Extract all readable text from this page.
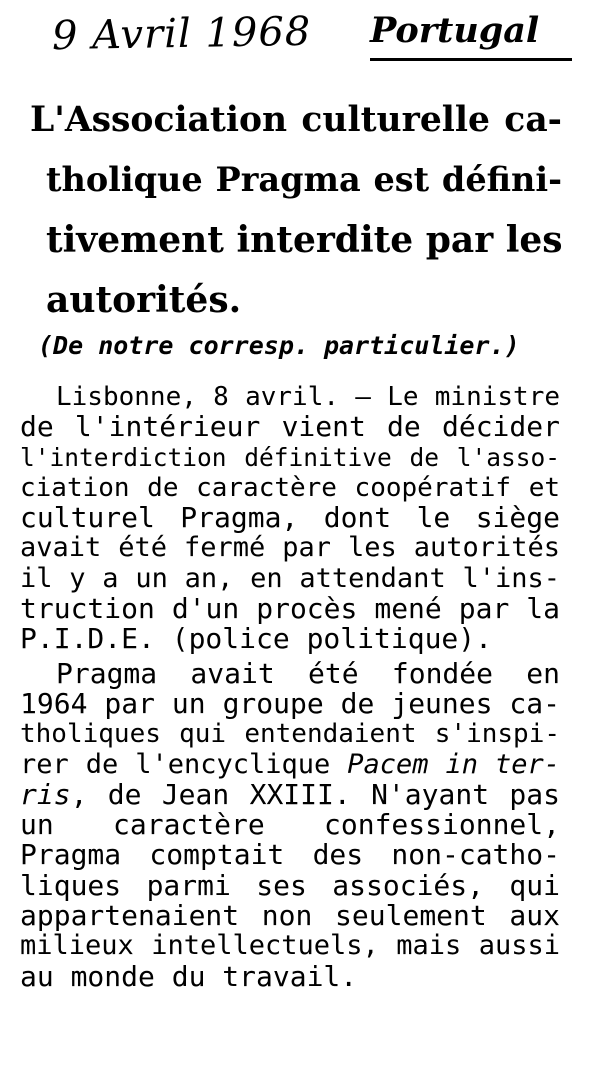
9 Avril 1968 Portugal
L'Association culturelle ca-
tholique Pragma est défini-
tivement interdite par les
autorités.
(De notre corresp. particulier.)
Lisbonne, 8 avril. — Le ministre
de l'intérieur vient de décider
l'interdiction définitive de l'asso-
ciation de caractère coopératif et
culturel Pragma, dont le siège
avait été fermé par les autorités
il y a un an, en attendant l'ins-
truction d'un procès mené par la
P.I.D.E. (police politique).
Pragma avait été fondée en
1964 par un groupe de jeunes ca-
tholiques qui entendaient s'inspi-
rer de l'encyclique Pacem in ter-
ris, de Jean XXIII. N'ayant pas
un caractère confessionnel,
Pragma comptait des non-catho-
liques parmi ses associés, qui
appartenaient non seulement aux
milieux intellectuels, mais aussi
au monde du travail.
